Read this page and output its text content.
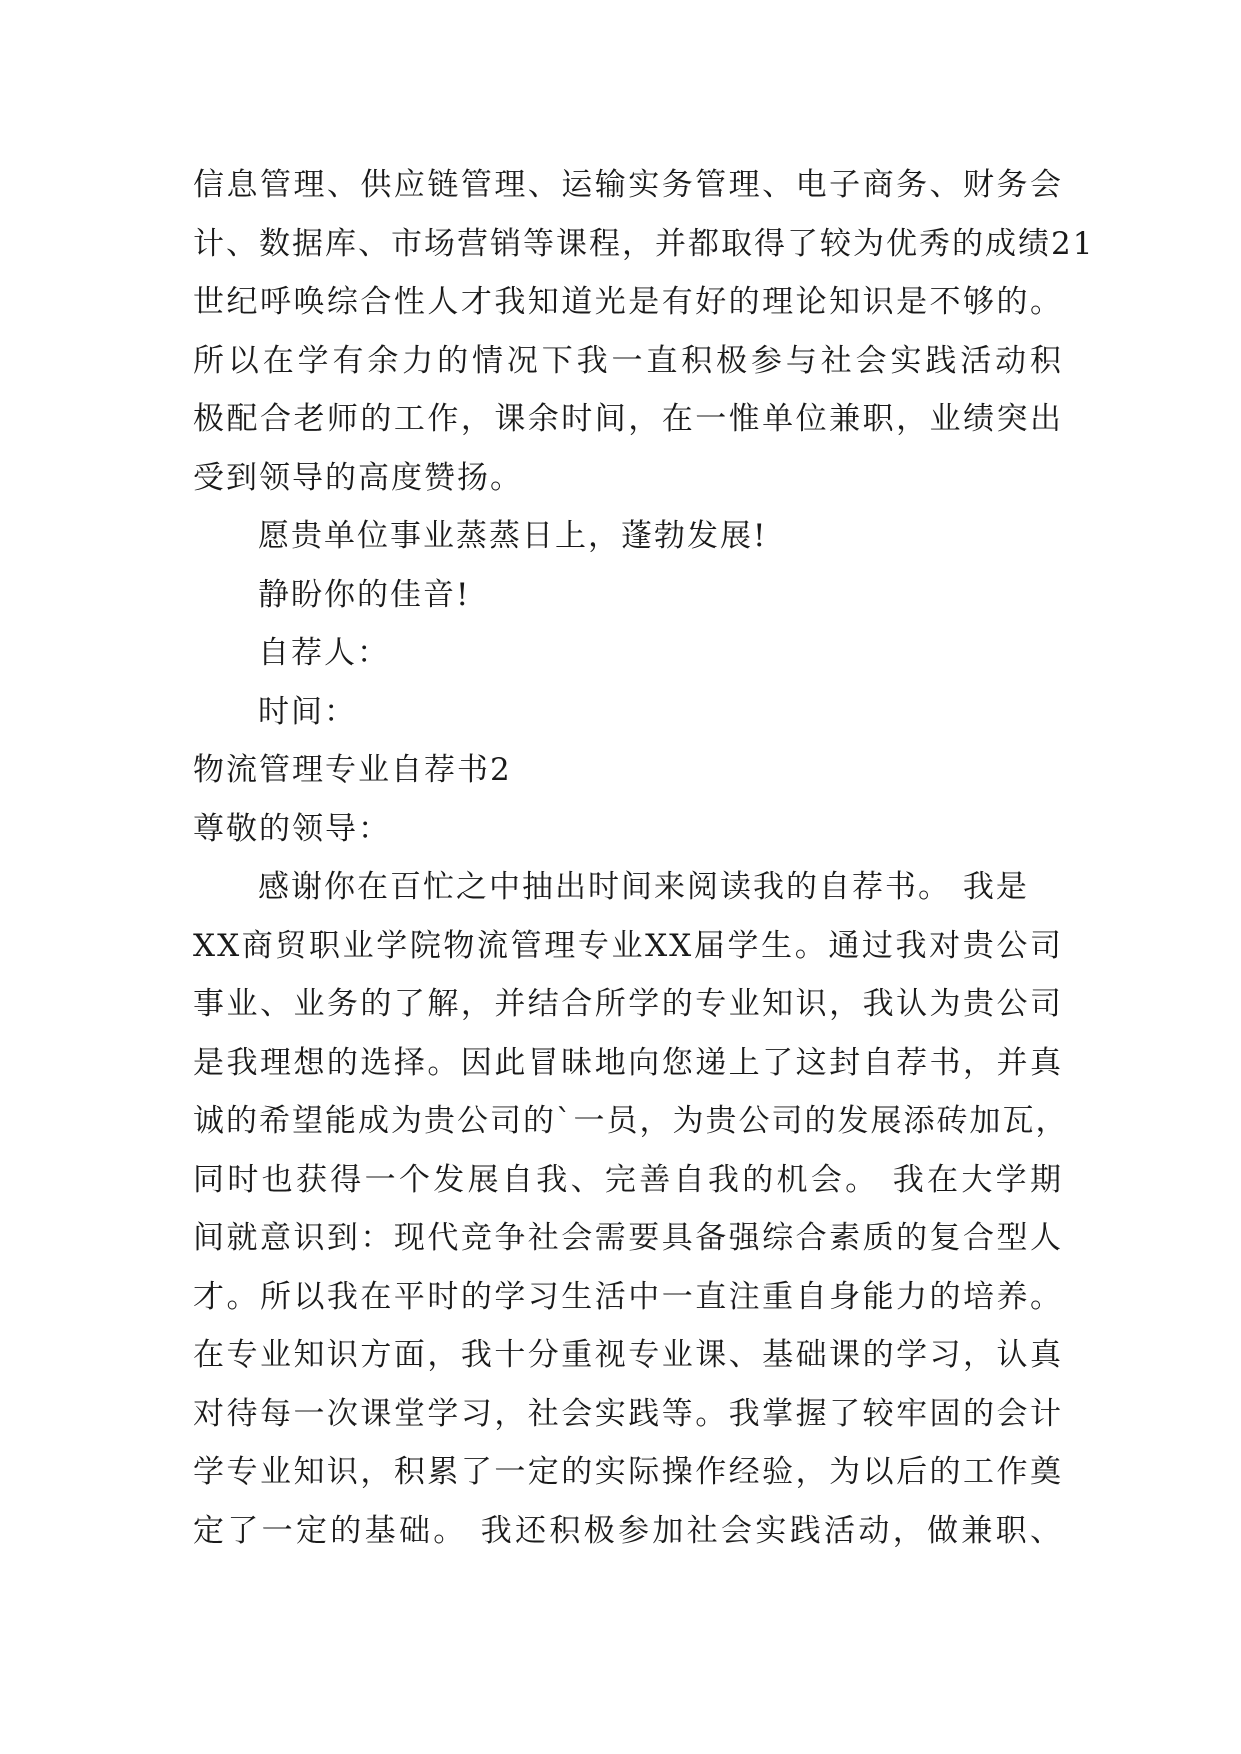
信息管理、供应链管理、运输实务管理、电子商务、财务会
计、数据库、市场营销等课程，并都取得了较为优秀的成绩21
世纪呼唤综合性人才我知道光是有好的理论知识是不够的。
所以在学有余力的情况下我一直积极参与社会实践活动积
极配合老师的工作，课余时间，在一惟单位兼职，业绩突出
受到领导的高度赞扬。
愿贵单位事业蒸蒸日上，蓬勃发展!
静盼你的佳音!
自荐人：
时间：
物流管理专业自荐书2
尊敬的领导：
感谢你在百忙之中抽出时间来阅读我的自荐书。 我是
XX商贸职业学院物流管理专业XX届学生。通过我对贵公司
事业、业务的了解，并结合所学的专业知识，我认为贵公司
是我理想的选择。因此冒昧地向您递上了这封自荐书，并真
诚的希望能成为贵公司的`一员，为贵公司的发展添砖加瓦，
同时也获得一个发展自我、完善自我的机会。 我在大学期
间就意识到：现代竞争社会需要具备强综合素质的复合型人
才。所以我在平时的学习生活中一直注重自身能力的培养。
在专业知识方面，我十分重视专业课、基础课的学习，认真
对待每一次课堂学习，社会实践等。我掌握了较牢固的会计
学专业知识，积累了一定的实际操作经验，为以后的工作奠
定了一定的基础。 我还积极参加社会实践活动，做兼职、
